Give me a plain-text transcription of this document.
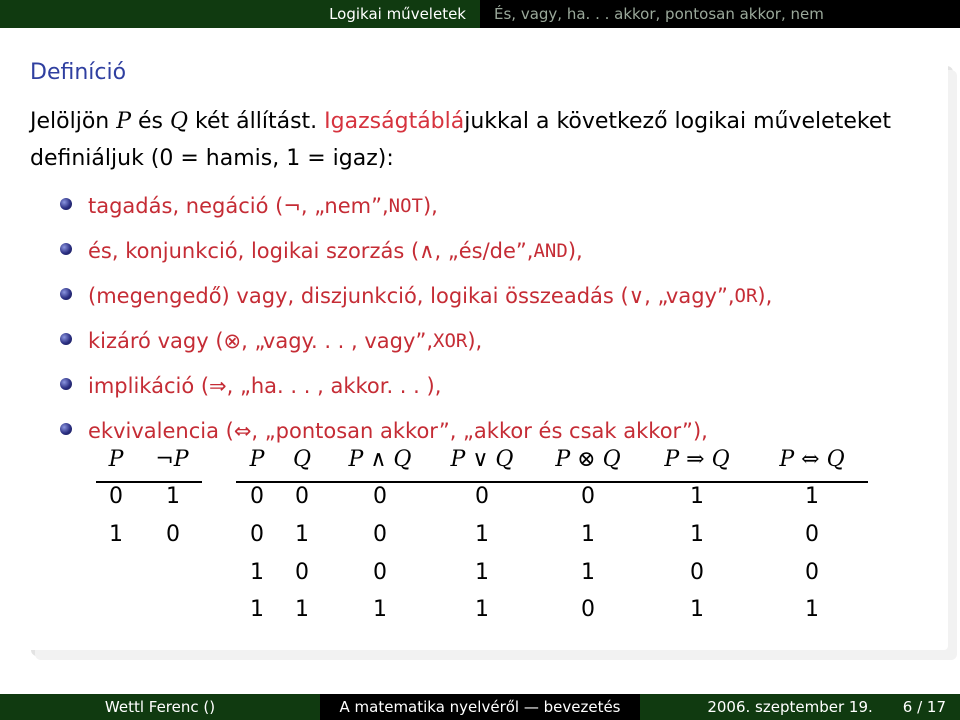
Logikai műveletek És, vagy, ha. . . akkor, pontosan akkor, nem
Definíció
Jelöljön P és Q két állítást. Igazságtáblájukkal a következő logikai műveleteket definiáljuk (0 = hamis, 1 = igaz):
tagadás, negáció (¬, „nem”, NOT ),
és, konjunkció, logikai szorzás (∧, „és/de”, AND ),
(megengedő) vagy, diszjunkció, logikai összeadás (∨, „vagy”, OR ),
kizáró vagy (⊗, „vagy. . . , vagy”, XOR ),
implikáció (⇒, „ha. . . , akkor. . . ),
ekvivalencia (⇔, „pontosan akkor”, „akkor és csak akkor”),
P	¬P
0 1
1 0
P Q	P ∧ Q	P ∨ Q	P ⊗ Q	P ⇒ Q	P ⇔ Q
0 0	0	0	0	1	1
0 1	0	1	1	1	0
1 0	0	1	1	0	0
1 1	1	1	0	1	1
Wettl Ferenc ()	A matematika nyelvéről — bevezetés	2006. szeptember 19. 6 / 17
